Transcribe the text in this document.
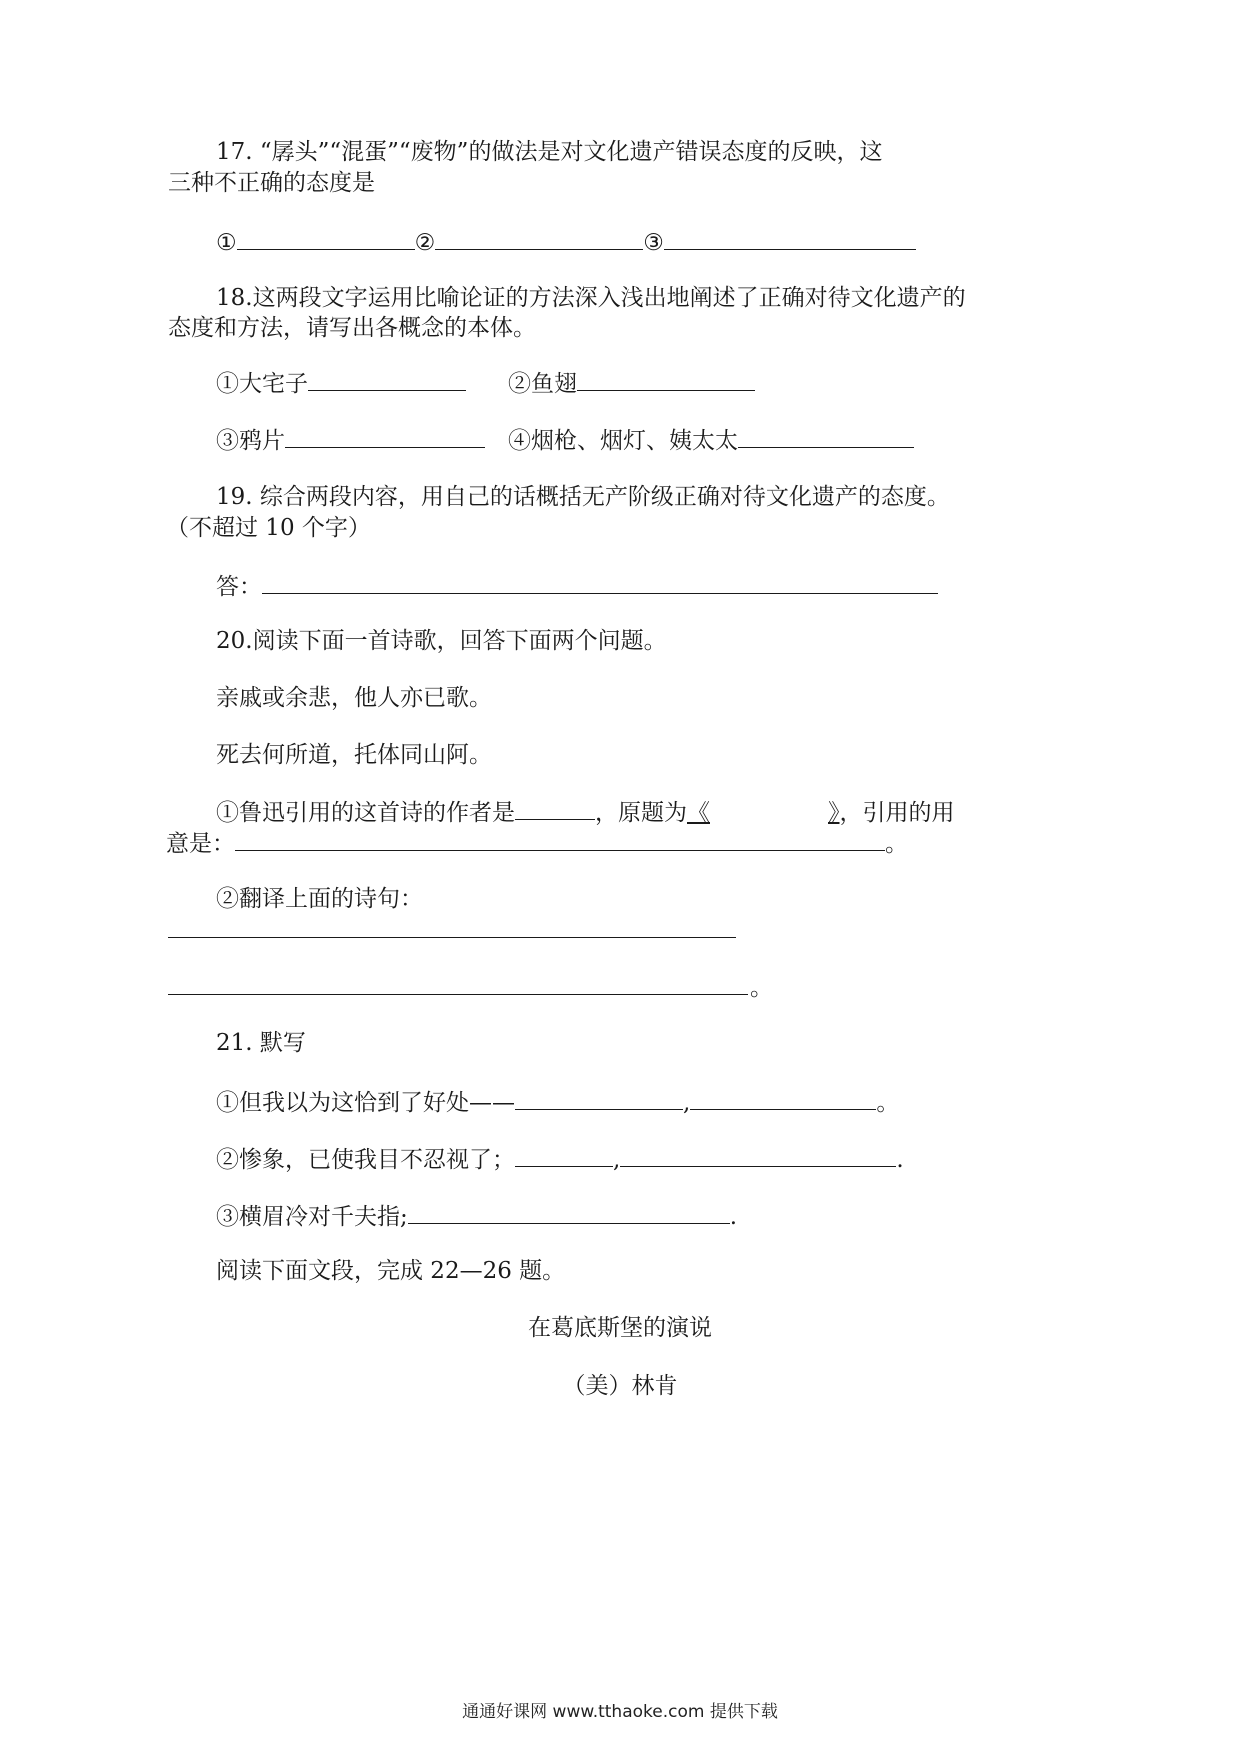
17. “孱头”“混蛋”“废物”的做法是对文化遗产错误态度的反映，这
三种不正确的态度是
①	②	③
18.这两段文字运用比喻论证的方法深入浅出地阐述了正确对待文化遗产的
态度和方法，请写出各概念的本体。
①大宅子	②鱼翅
③鸦片	④烟枪、烟灯、姨太太
19. 综合两段内容，用自己的话概括无产阶级正确对待文化遗产的态度。
（不超过 10 个字）
答：
20.阅读下面一首诗歌，回答下面两个问题。
亲戚或余悲，他人亦已歌。
死去何所道，托体同山阿。
①鲁迅引用的这首诗的作者是	，原题为《	》，引用的用
意是：	。
②翻译上面的诗句：
。
21. 默写
①但我以为这恰到了好处——	,	。
②惨象，已使我目不忍视了；	,	.
③横眉冷对千夫指;	.
阅读下面文段，完成 22—26 题。
在葛底斯堡的演说
（美）林肯
通通好课网 www.tthaoke.com 提供下载
